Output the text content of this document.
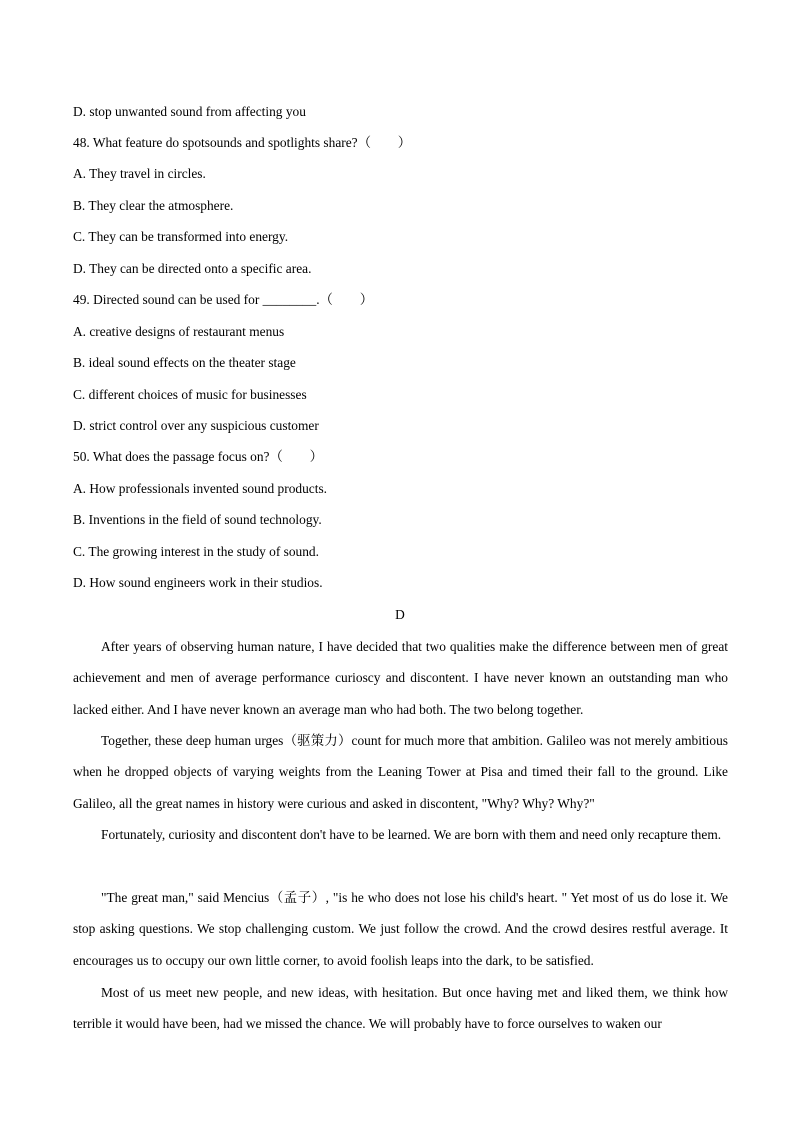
D. stop unwanted sound from affecting you
48. What feature do spotsounds and spotlights share?（　　）
A. They travel in circles.
B. They clear the atmosphere.
C. They can be transformed into energy.
D. They can be directed onto a specific area.
49. Directed sound can be used for ________.（　　）
A. creative designs of restaurant menus
B. ideal sound effects on the theater stage
C. different choices of music for businesses
D. strict control over any suspicious customer
50. What does the passage focus on?（　　）
A. How professionals invented sound products.
B. Inventions in the field of sound technology.
C. The growing interest in the study of sound.
D. How sound engineers work in their studios.
D
After years of observing human nature, I have decided that two qualities make the difference between men of great achievement and men of average performance curioscy and discontent. I have never known an outstanding man who lacked either. And I have never known an average man who had both. The two belong together.
Together, these deep human urges（驱策力）count for much more that ambition. Galileo was not merely ambitious when he dropped objects of varying weights from the Leaning Tower at Pisa and timed their fall to the ground. Like Galileo, all the great names in history were curious and asked in discontent, "Why? Why? Why?"
Fortunately, curiosity and discontent don't have to be learned. We are born with them and need only recapture them.
"The great man," said Mencius（孟子）, "is he who does not lose his child's heart. " Yet most of us do lose it. We stop asking questions. We stop challenging custom. We just follow the crowd. And the crowd desires restful average. It encourages us to occupy our own little corner, to avoid foolish leaps into the dark, to be satisfied.
Most of us meet new people, and new ideas, with hesitation. But once having met and liked them, we think how terrible it would have been, had we missed the chance. We will probably have to force ourselves to waken our
